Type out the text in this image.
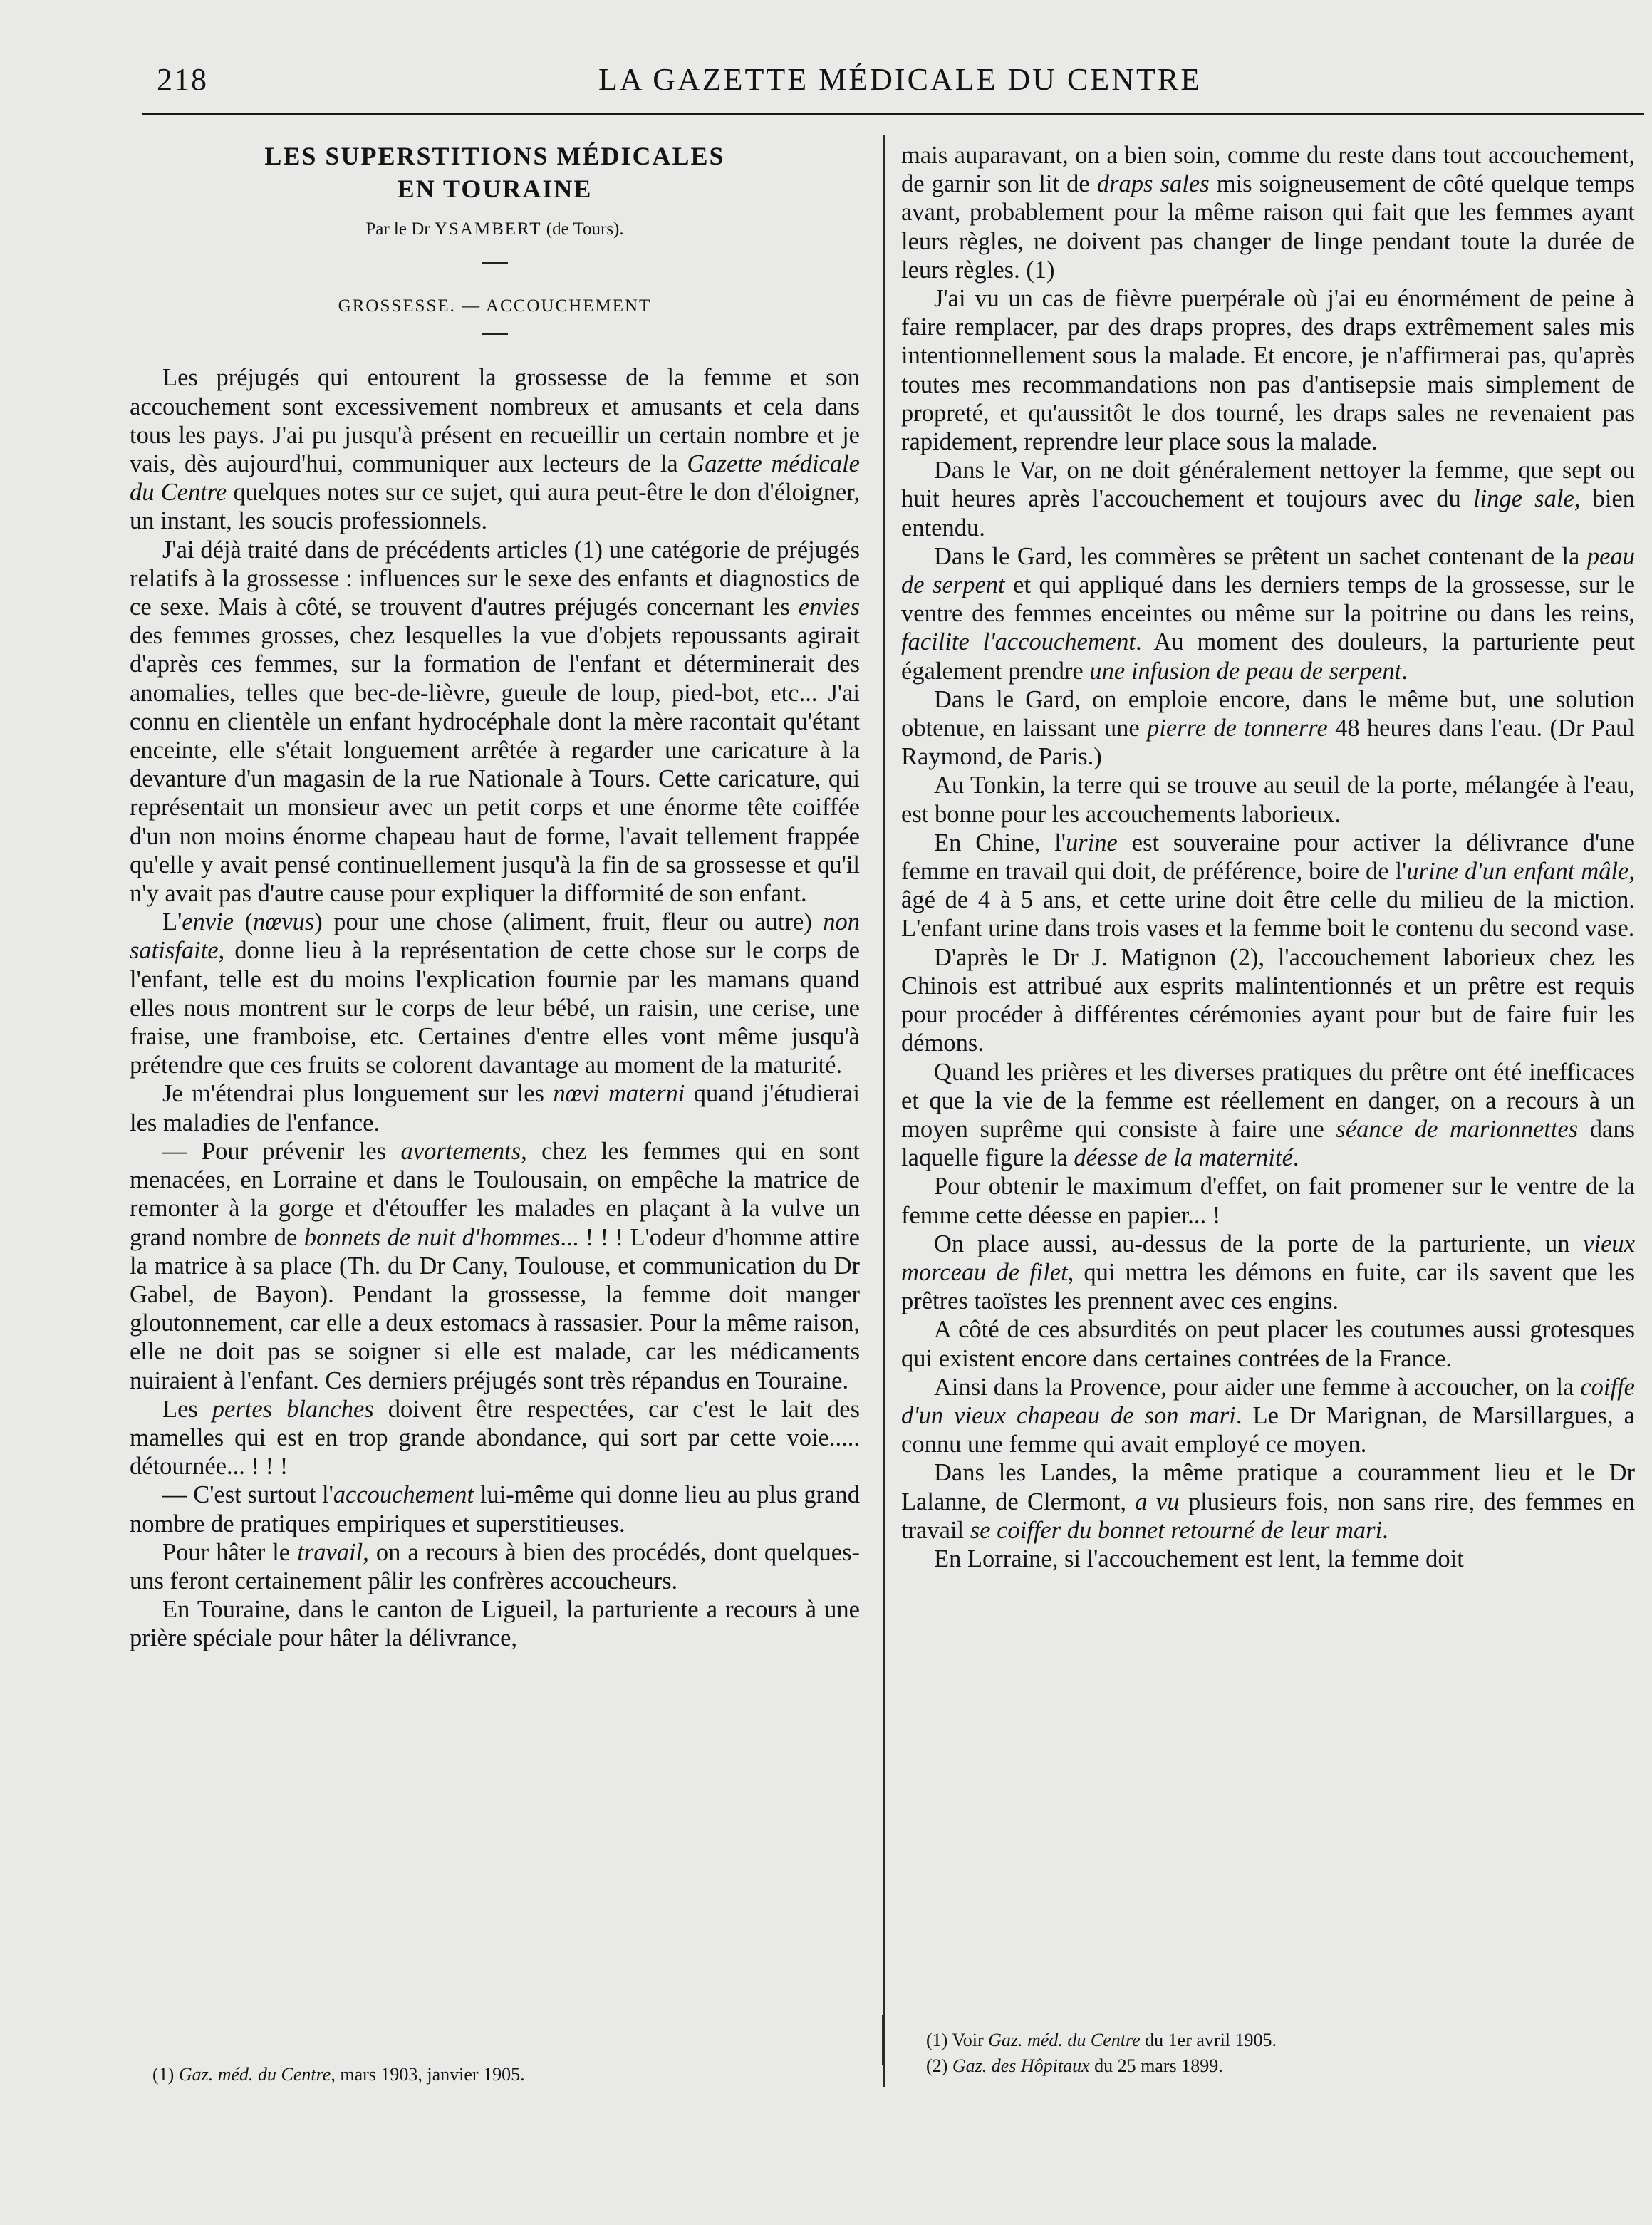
218	LA GAZETTE MÉDICALE DU CENTRE
LES SUPERSTITIONS MÉDICALES
EN TOURAINE
Par le Dr YSAMBERT (de Tours).
GROSSESSE. — ACCOUCHEMENT

Les préjugés qui entourent la grossesse de la femme et son accouchement sont excessivement nombreux et amusants et cela dans tous les pays. J'ai pu jusqu'à présent en recueillir un certain nombre et je vais, dès aujourd'hui, communiquer aux lecteurs de la Gazette médicale du Centre quelques notes sur ce sujet, qui aura peut-être le don d'éloigner, un instant, les soucis professionnels.

J'ai déjà traité dans de précédents articles (1) une catégorie de préjugés relatifs à la grossesse : influences sur le sexe des enfants et diagnostics de ce sexe. Mais à côté, se trouvent d'autres préjugés concernant les envies des femmes grosses, chez lesquelles la vue d'objets repoussants agirait d'après ces femmes, sur la formation de l'enfant et déterminerait des anomalies, telles que bec-de-lièvre, gueule de loup, pied-bot, etc... J'ai connu en clientèle un enfant hydrocéphale dont la mère racontait qu'étant enceinte, elle s'était longuement arrêtée à regarder une caricature à la devanture d'un magasin de la rue Nationale à Tours. Cette caricature, qui représentait un monsieur avec un petit corps et une énorme tête coiffée d'un non moins énorme chapeau haut de forme, l'avait tellement frappée qu'elle y avait pensé continuellement jusqu'à la fin de sa grossesse et qu'il n'y avait pas d'autre cause pour expliquer la difformité de son enfant.

L'envie (nœvus) pour une chose (aliment, fruit, fleur ou autre) non satisfaite, donne lieu à la représentation de cette chose sur le corps de l'enfant, telle est du moins l'explication fournie par les mamans quand elles nous montrent sur le corps de leur bébé, un raisin, une cerise, une fraise, une framboise, etc. Certaines d'entre elles vont même jusqu'à prétendre que ces fruits se colorent davantage au moment de la maturité.

Je m'étendrai plus longuement sur les nœvi materni quand j'étudierai les maladies de l'enfance.

— Pour prévenir les avortements, chez les femmes qui en sont menacées, en Lorraine et dans le Toulousain, on empêche la matrice de remonter à la gorge et d'étouffer les malades en plaçant à la vulve un grand nombre de bonnets de nuit d'hommes... ! ! ! L'odeur d'homme attire la matrice à sa place (Th. du Dr Cany, Toulouse, et communication du Dr Gabel, de Bayon). Pendant la grossesse, la femme doit manger gloutonnement, car elle a deux estomacs à rassasier. Pour la même raison, elle ne doit pas se soigner si elle est malade, car les médicaments nuiraient à l'enfant. Ces derniers préjugés sont très répandus en Touraine.

Les pertes blanches doivent être respectées, car c'est le lait des mamelles qui est en trop grande abondance, qui sort par cette voie..... détournée... ! ! !

— C'est surtout l'accouchement lui-même qui donne lieu au plus grand nombre de pratiques empiriques et superstitieuses.

Pour hâter le travail, on a recours à bien des procédés, dont quelques-uns feront certainement pâlir les confrères accoucheurs.

En Touraine, dans le canton de Ligueil, la parturiente a recours à une prière spéciale pour hâter la délivrance,

mais auparavant, on a bien soin, comme du reste dans tout accouchement, de garnir son lit de draps sales mis soigneusement de côté quelque temps avant, probablement pour la même raison qui fait que les femmes ayant leurs règles, ne doivent pas changer de linge pendant toute la durée de leurs règles. (1)

J'ai vu un cas de fièvre puerpérale où j'ai eu énormément de peine à faire remplacer, par des draps propres, des draps extrêmement sales mis intentionnellement sous la malade. Et encore, je n'affirmerai pas, qu'après toutes mes recommandations non pas d'antisepsie mais simplement de propreté, et qu'aussitôt le dos tourné, les draps sales ne revenaient pas rapidement, reprendre leur place sous la malade.

Dans le Var, on ne doit généralement nettoyer la femme, que sept ou huit heures après l'accouchement et toujours avec du linge sale, bien entendu.

Dans le Gard, les commères se prêtent un sachet contenant de la peau de serpent et qui appliqué dans les derniers temps de la grossesse, sur le ventre des femmes enceintes ou même sur la poitrine ou dans les reins, facilite l'accouchement. Au moment des douleurs, la parturiente peut également prendre une infusion de peau de serpent.

Dans le Gard, on emploie encore, dans le même but, une solution obtenue, en laissant une pierre de tonnerre 48 heures dans l'eau. (Dr Paul Raymond, de Paris.)

Au Tonkin, la terre qui se trouve au seuil de la porte, mélangée à l'eau, est bonne pour les accouchements laborieux.

En Chine, l'urine est souveraine pour activer la délivrance d'une femme en travail qui doit, de préférence, boire de l'urine d'un enfant mâle, âgé de 4 à 5 ans, et cette urine doit être celle du milieu de la miction. L'enfant urine dans trois vases et la femme boit le contenu du second vase.

D'après le Dr J. Matignon (2), l'accouchement laborieux chez les Chinois est attribué aux esprits malintentionnés et un prêtre est requis pour procéder à différentes cérémonies ayant pour but de faire fuir les démons.

Quand les prières et les diverses pratiques du prêtre ont été inefficaces et que la vie de la femme est réellement en danger, on a recours à un moyen suprême qui consiste à faire une séance de marionnettes dans laquelle figure la déesse de la maternité.

Pour obtenir le maximum d'effet, on fait promener sur le ventre de la femme cette déesse en papier... !

On place aussi, au-dessus de la porte de la parturiente, un vieux morceau de filet, qui mettra les démons en fuite, car ils savent que les prêtres taoïstes les prennent avec ces engins.

A côté de ces absurdités on peut placer les coutumes aussi grotesques qui existent encore dans certaines contrées de la France.

Ainsi dans la Provence, pour aider une femme à accoucher, on la coiffe d'un vieux chapeau de son mari. Le Dr Marignan, de Marsillargues, a connu une femme qui avait employé ce moyen.

Dans les Landes, la même pratique a couramment lieu et le Dr Lalanne, de Clermont, a vu plusieurs fois, non sans rire, des femmes en travail se coiffer du bonnet retourné de leur mari.

En Lorraine, si l'accouchement est lent, la femme doit

(1) Gaz. méd. du Centre, mars 1903, janvier 1905.
(1) Voir Gaz. méd. du Centre du 1er avril 1905.
(2) Gaz. des Hôpitaux du 25 mars 1899.
